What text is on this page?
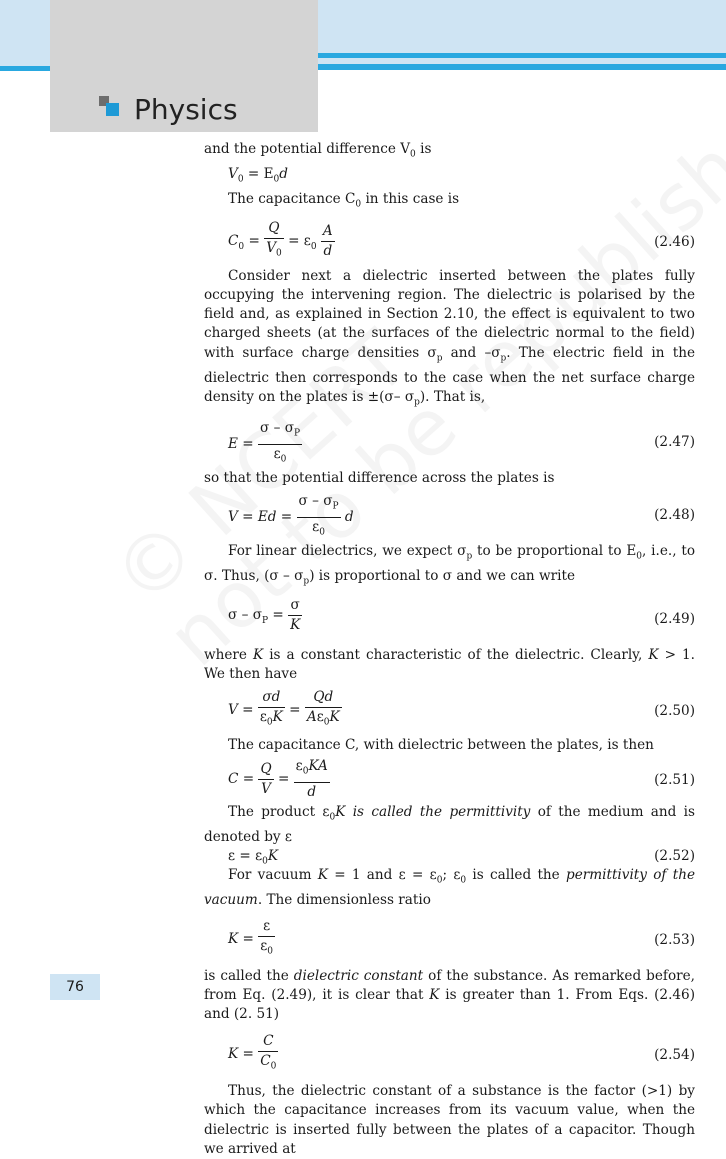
Physics

and the potential difference $V_0$ is

$V_0 = E_0d$
The capacitance $C_0$ in this case is
$C_0 = \frac{Q}{V_0} = \varepsilon_0 \frac{A}{d}$	(2.46)

Consider next a dielectric inserted between the plates fully occupying the intervening region. The dielectric is polarised by the field and, as explained in Section 2.10, the effect is equivalent to two charged sheets (at the surfaces of the dielectric normal to the field) with surface charge densities $\sigma_p$ and $-\sigma_p$. The electric field in the dielectric then corresponds to the case when the net surface charge density on the plates is ±(σ– $\sigma_p$). That is,

$E = \frac{\sigma - \sigma_P}{\varepsilon_0}$	(2.47)

so that the potential difference across the plates is

$V = Ed = \frac{\sigma - \sigma_P}{\varepsilon_0}$ d	(2.48)

For linear dielectrics, we expect $\sigma_p$ to be proportional to $E_0$, i.e., to σ. Thus, $(\sigma - \sigma_p)$ is proportional to σ and we can write

$\sigma - \sigma_P = \frac{\sigma}{K}$	(2.49)

where K is a constant characteristic of the dielectric. Clearly, K > 1. We then have

$V = \frac{\sigma d}{\varepsilon_0K} = \frac{Qd}{A\varepsilon_0K}$	(2.50)

The capacitance C, with dielectric between the plates, is then

$C = \frac{Q}{V} = \frac{\varepsilon_0KA}{d}$	(2.51)

The product $\varepsilon_0K$ is called the permittivity of the medium and is denoted by ε

$\varepsilon = \varepsilon_0K$	(2.52)

For vacuum K = 1 and $\varepsilon = \varepsilon_0$; $\varepsilon_0$ is called the permittivity of the vacuum. The dimensionless ratio

$K = \frac{\varepsilon}{\varepsilon_0}$	(2.53)

is called the dielectric constant of the substance. As remarked before, from Eq. (2.49), it is clear that K is greater than 1. From Eqs. (2.46) and (2. 51)

$K = \frac{C}{C_0}$	(2.54)

Thus, the dielectric constant of a substance is the factor (>1) by which the capacitance increases from its vacuum value, when the dielectric is inserted fully between the plates of a capacitor. Though we arrived at

76
